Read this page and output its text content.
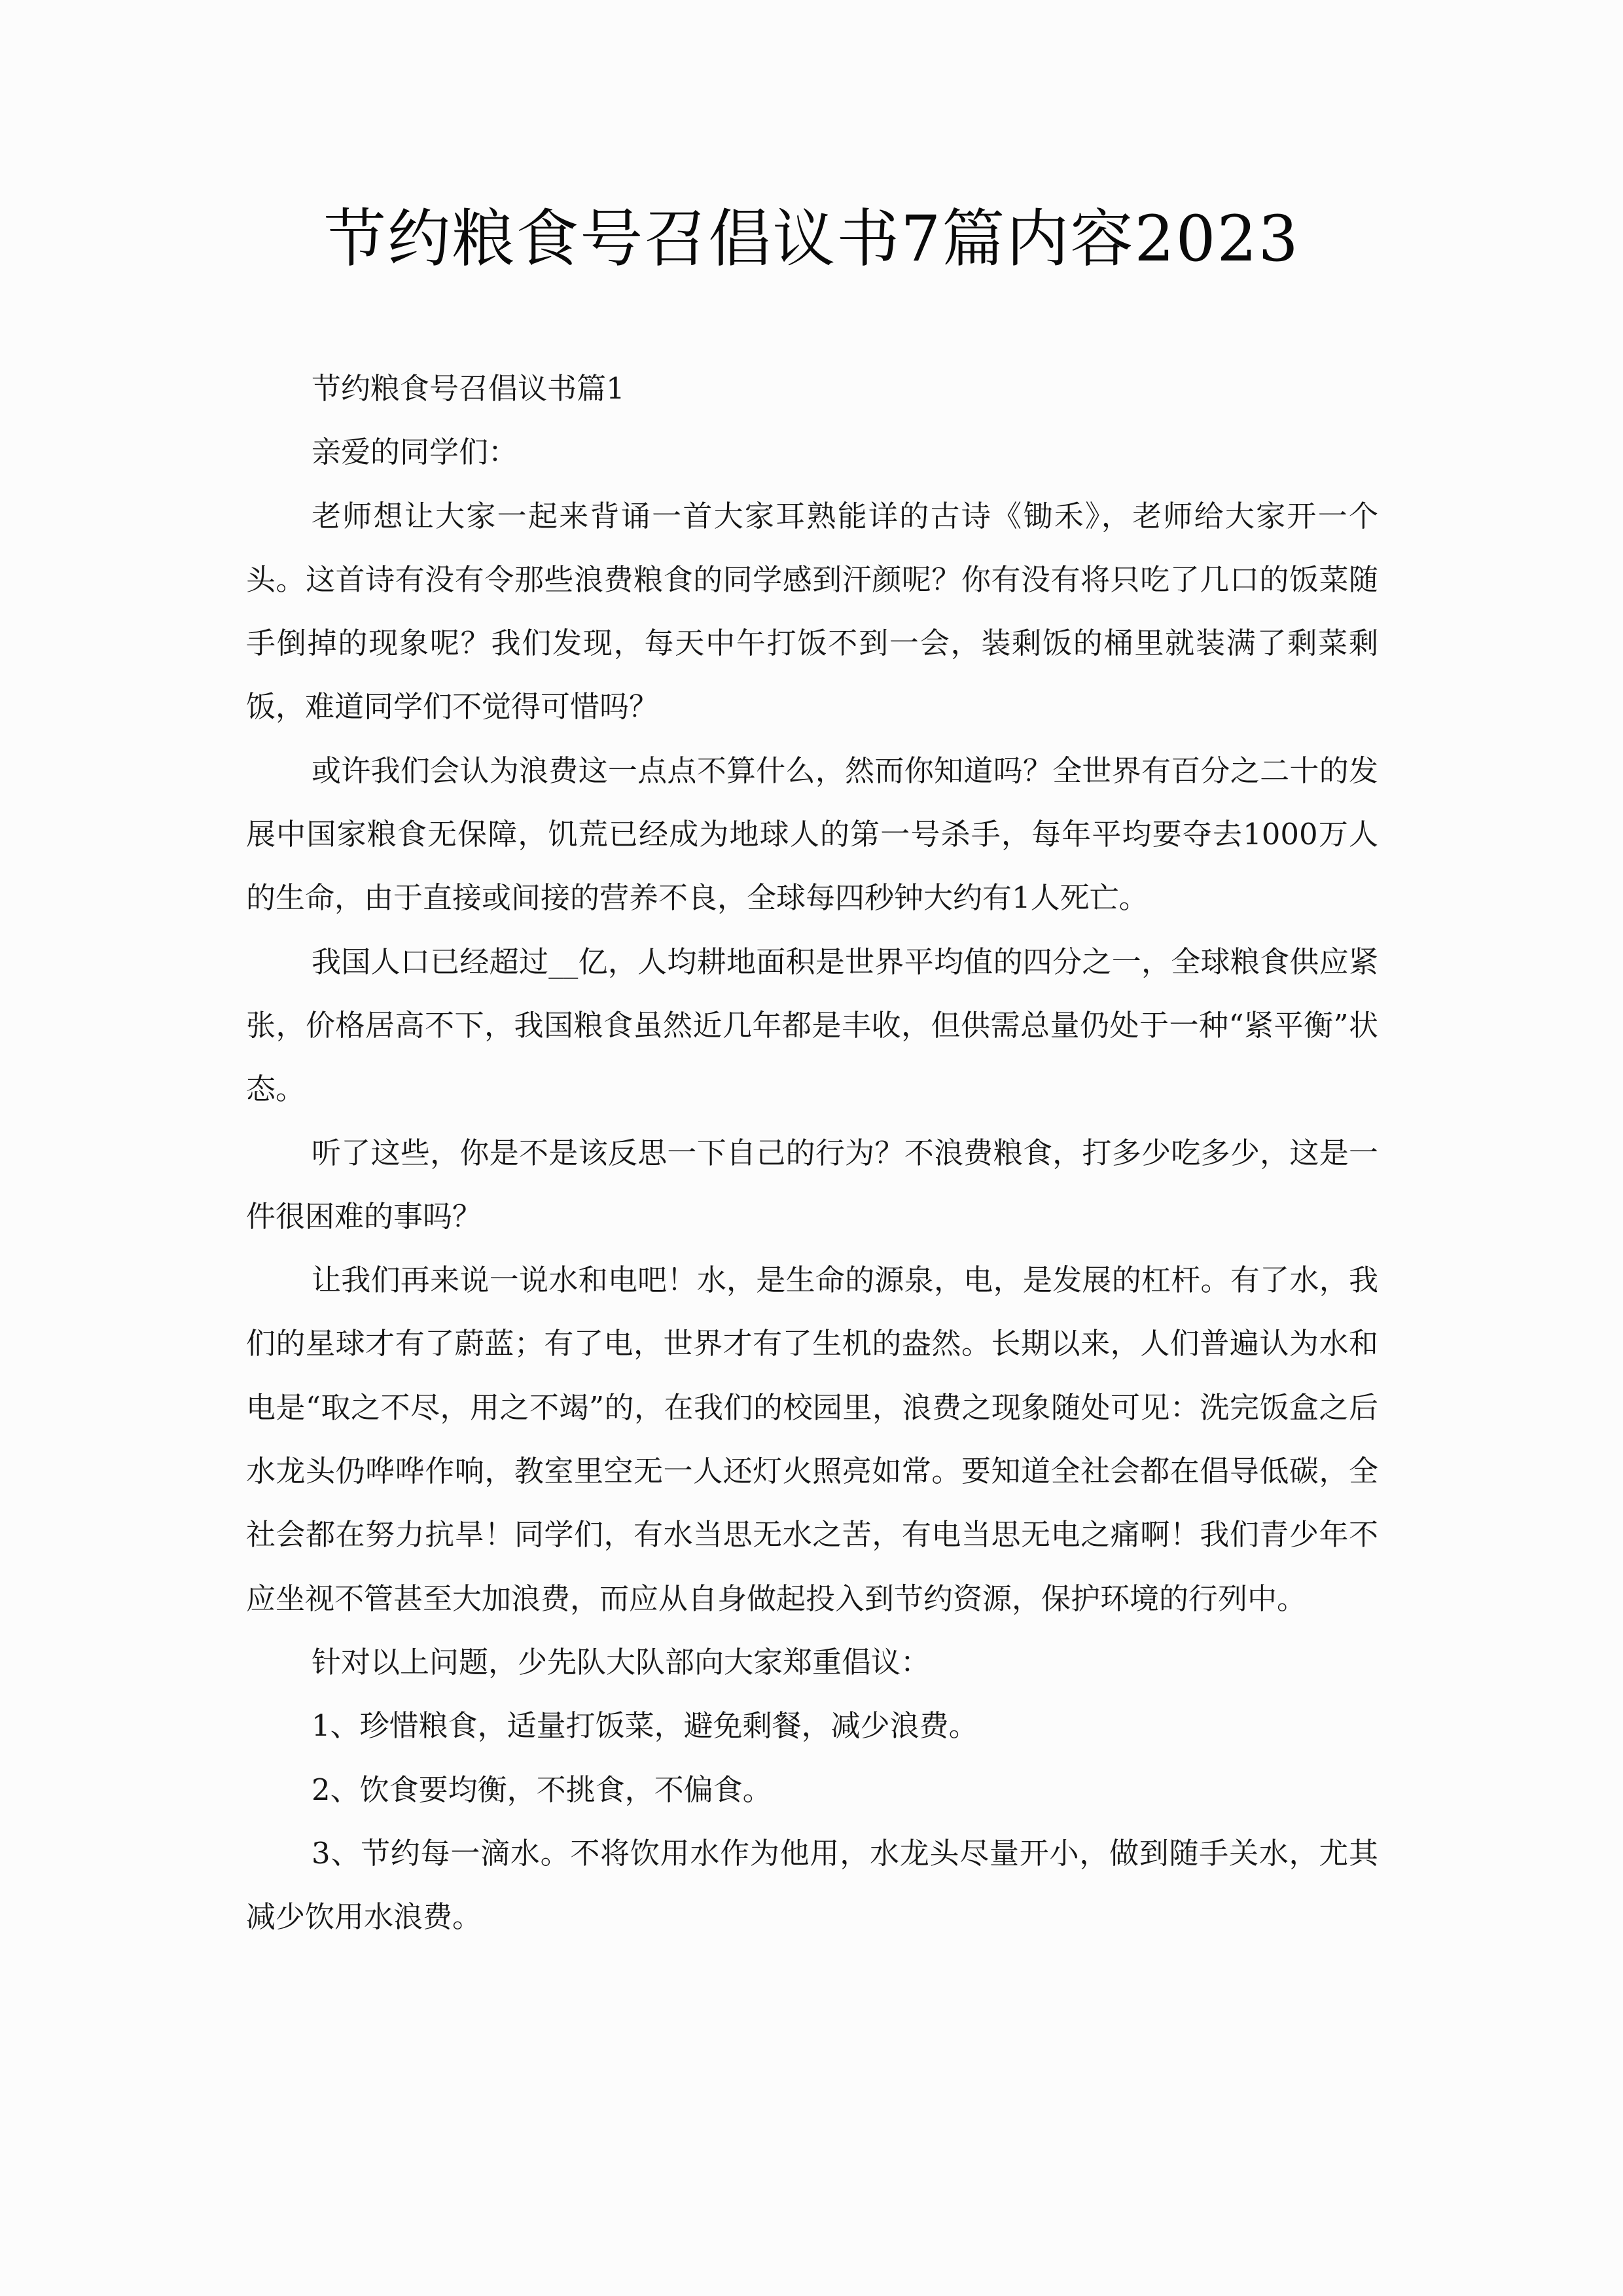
节约粮食号召倡议书7篇内容2023

节约粮食号召倡议书篇1

亲爱的同学们：

老师想让大家一起来背诵一首大家耳熟能详的古诗《锄禾》，老师给大家开一个头。这首诗有没有令那些浪费粮食的同学感到汗颜呢？你有没有将只吃了几口的饭菜随手倒掉的现象呢？我们发现，每天中午打饭不到一会，装剩饭的桶里就装满了剩菜剩饭，难道同学们不觉得可惜吗？

或许我们会认为浪费这一点点不算什么，然而你知道吗？全世界有百分之二十的发展中国家粮食无保障，饥荒已经成为地球人的第一号杀手，每年平均要夺去1000万人的生命，由于直接或间接的营养不良，全球每四秒钟大约有1人死亡。

我国人口已经超过__亿，人均耕地面积是世界平均值的四分之一，全球粮食供应紧张，价格居高不下，我国粮食虽然近几年都是丰收，但供需总量仍处于一种“紧平衡”状态。

听了这些，你是不是该反思一下自己的行为？不浪费粮食，打多少吃多少，这是一件很困难的事吗？

让我们再来说一说水和电吧！水，是生命的源泉，电，是发展的杠杆。有了水，我们的星球才有了蔚蓝；有了电，世界才有了生机的盎然。长期以来，人们普遍认为水和电是“取之不尽，用之不竭”的，在我们的校园里，浪费之现象随处可见：洗完饭盒之后水龙头仍哗哗作响，教室里空无一人还灯火照亮如常。要知道全社会都在倡导低碳，全社会都在努力抗旱！同学们，有水当思无水之苦，有电当思无电之痛啊！我们青少年不应坐视不管甚至大加浪费，而应从自身做起投入到节约资源，保护环境的行列中。

针对以上问题，少先队大队部向大家郑重倡议：

1、珍惜粮食，适量打饭菜，避免剩餐，减少浪费。

2、饮食要均衡，不挑食，不偏食。

3、节约每一滴水。不将饮用水作为他用，水龙头尽量开小，做到随手关水，尤其减少饮用水浪费。
